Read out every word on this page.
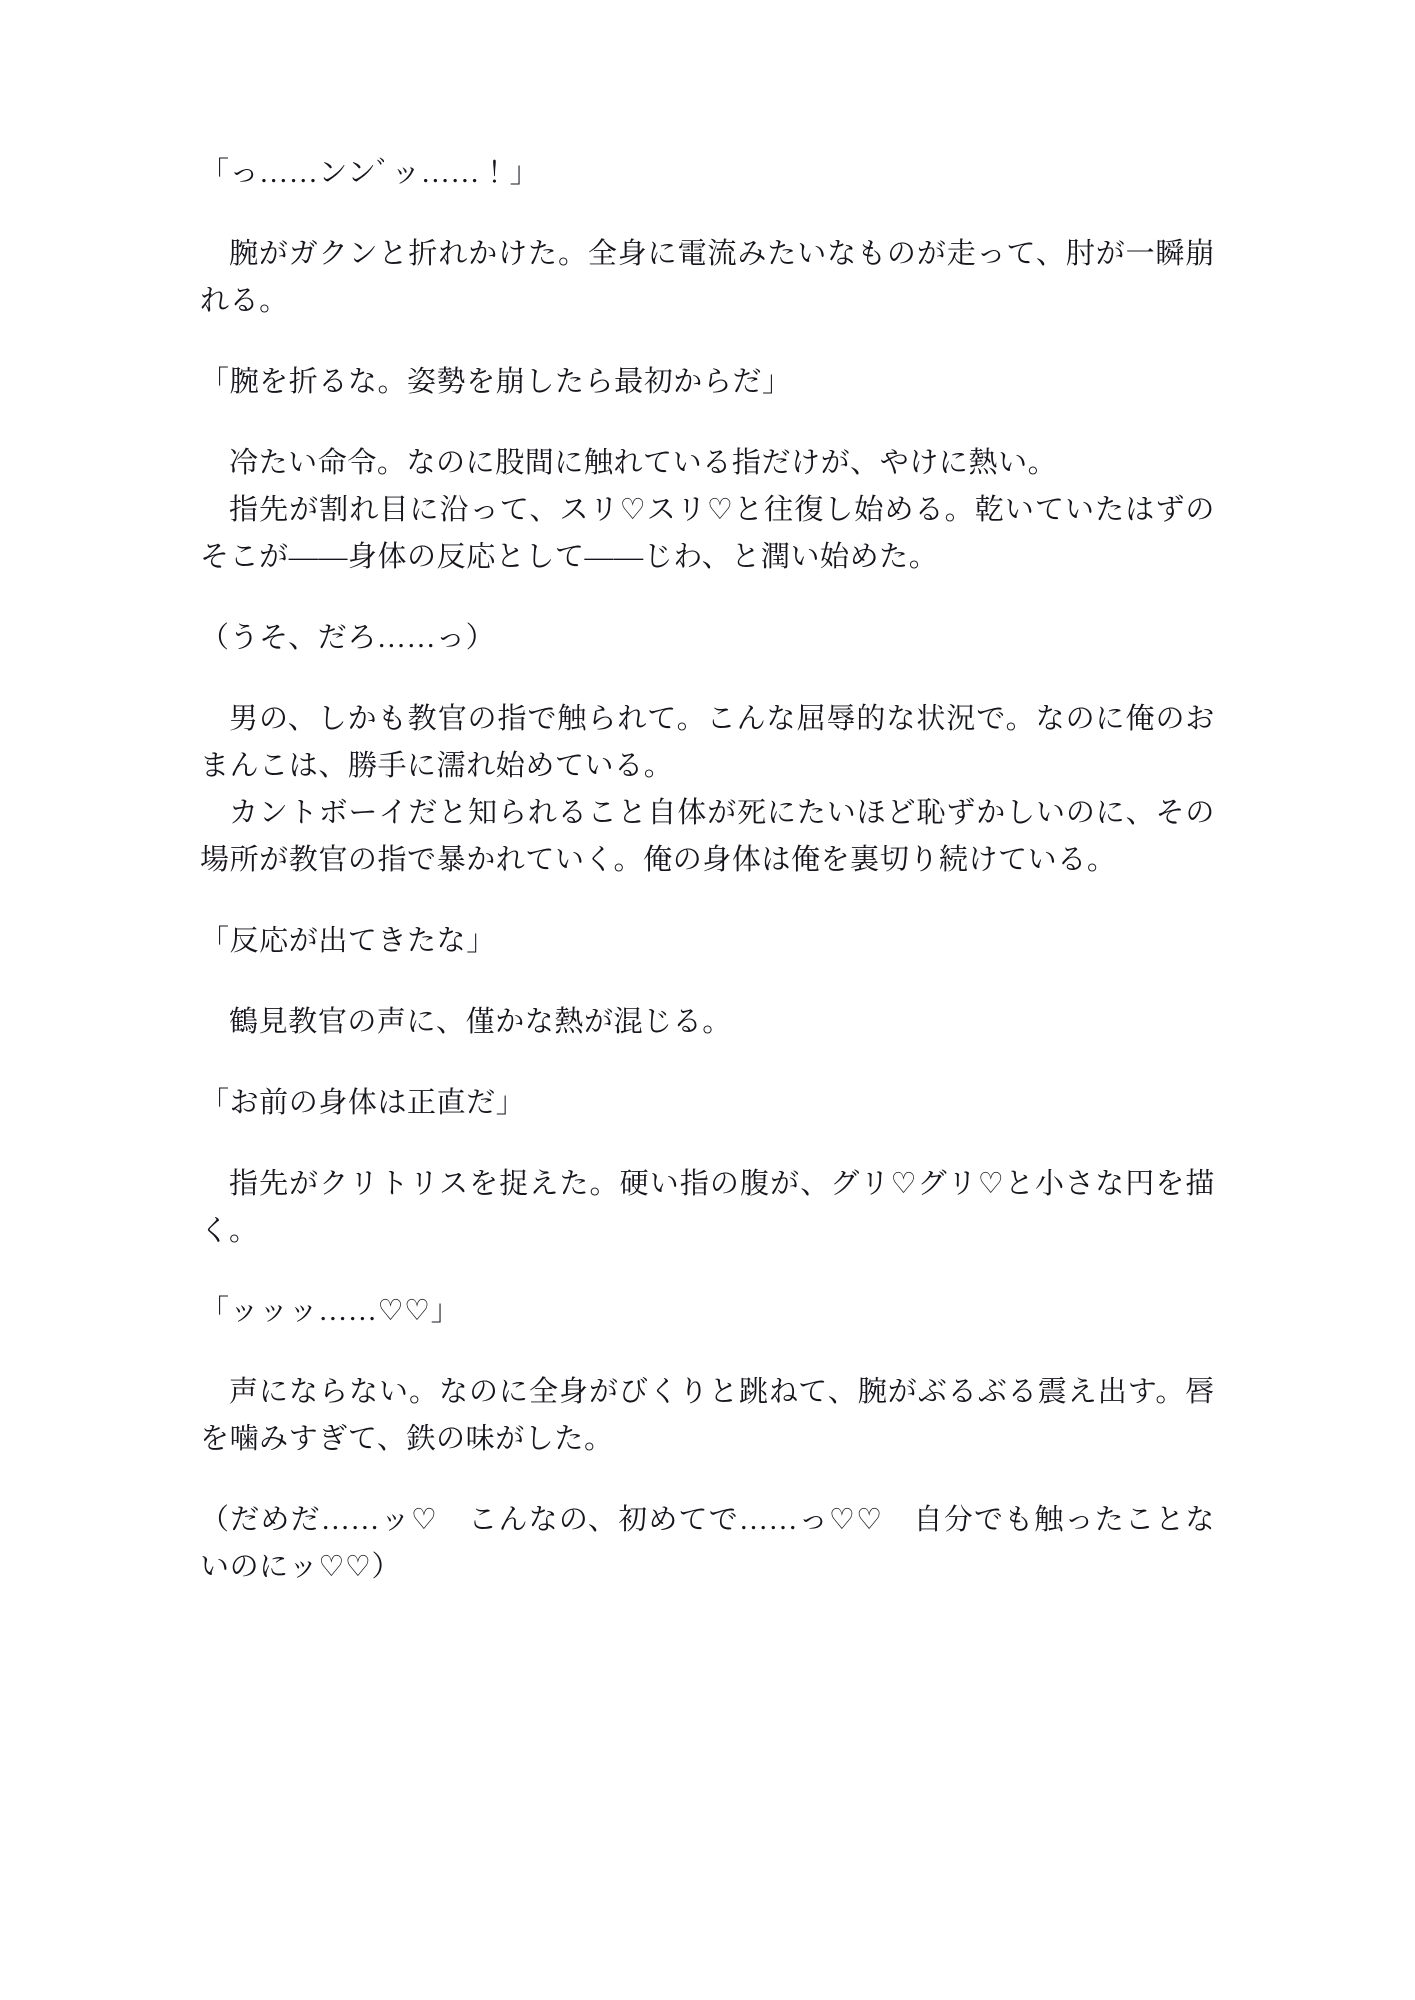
「っ……ンンﾞッ……！」

腕がガクンと折れかけた。全身に電流みたいなものが走って、肘が一瞬崩れる。

「腕を折るな。姿勢を崩したら最初からだ」

冷たい命令。なのに股間に触れている指だけが、やけに熱い。

指先が割れ目に沿って、スリ♡スリ♡と往復し始める。乾いていたはずのそこが――身体の反応として――じわ、と潤い始めた。

（うそ、だろ……っ）

男の、しかも教官の指で触られて。こんな屈辱的な状況で。なのに俺のおまんこは、勝手に濡れ始めている。

カントボーイだと知られること自体が死にたいほど恥ずかしいのに、その場所が教官の指で暴かれていく。俺の身体は俺を裏切り続けている。

「反応が出てきたな」

鶴見教官の声に、僅かな熱が混じる。

「お前の身体は正直だ」

指先がクリトリスを捉えた。硬い指の腹が、グリ♡グリ♡と小さな円を描く。

「ッッッ……♡♡」

声にならない。なのに全身がびくりと跳ねて、腕がぶるぶる震え出す。唇を噛みすぎて、鉄の味がした。

（だめだ……ッ♡　こんなの、初めてで……っ♡♡　自分でも触ったことないのにッ♡♡）
